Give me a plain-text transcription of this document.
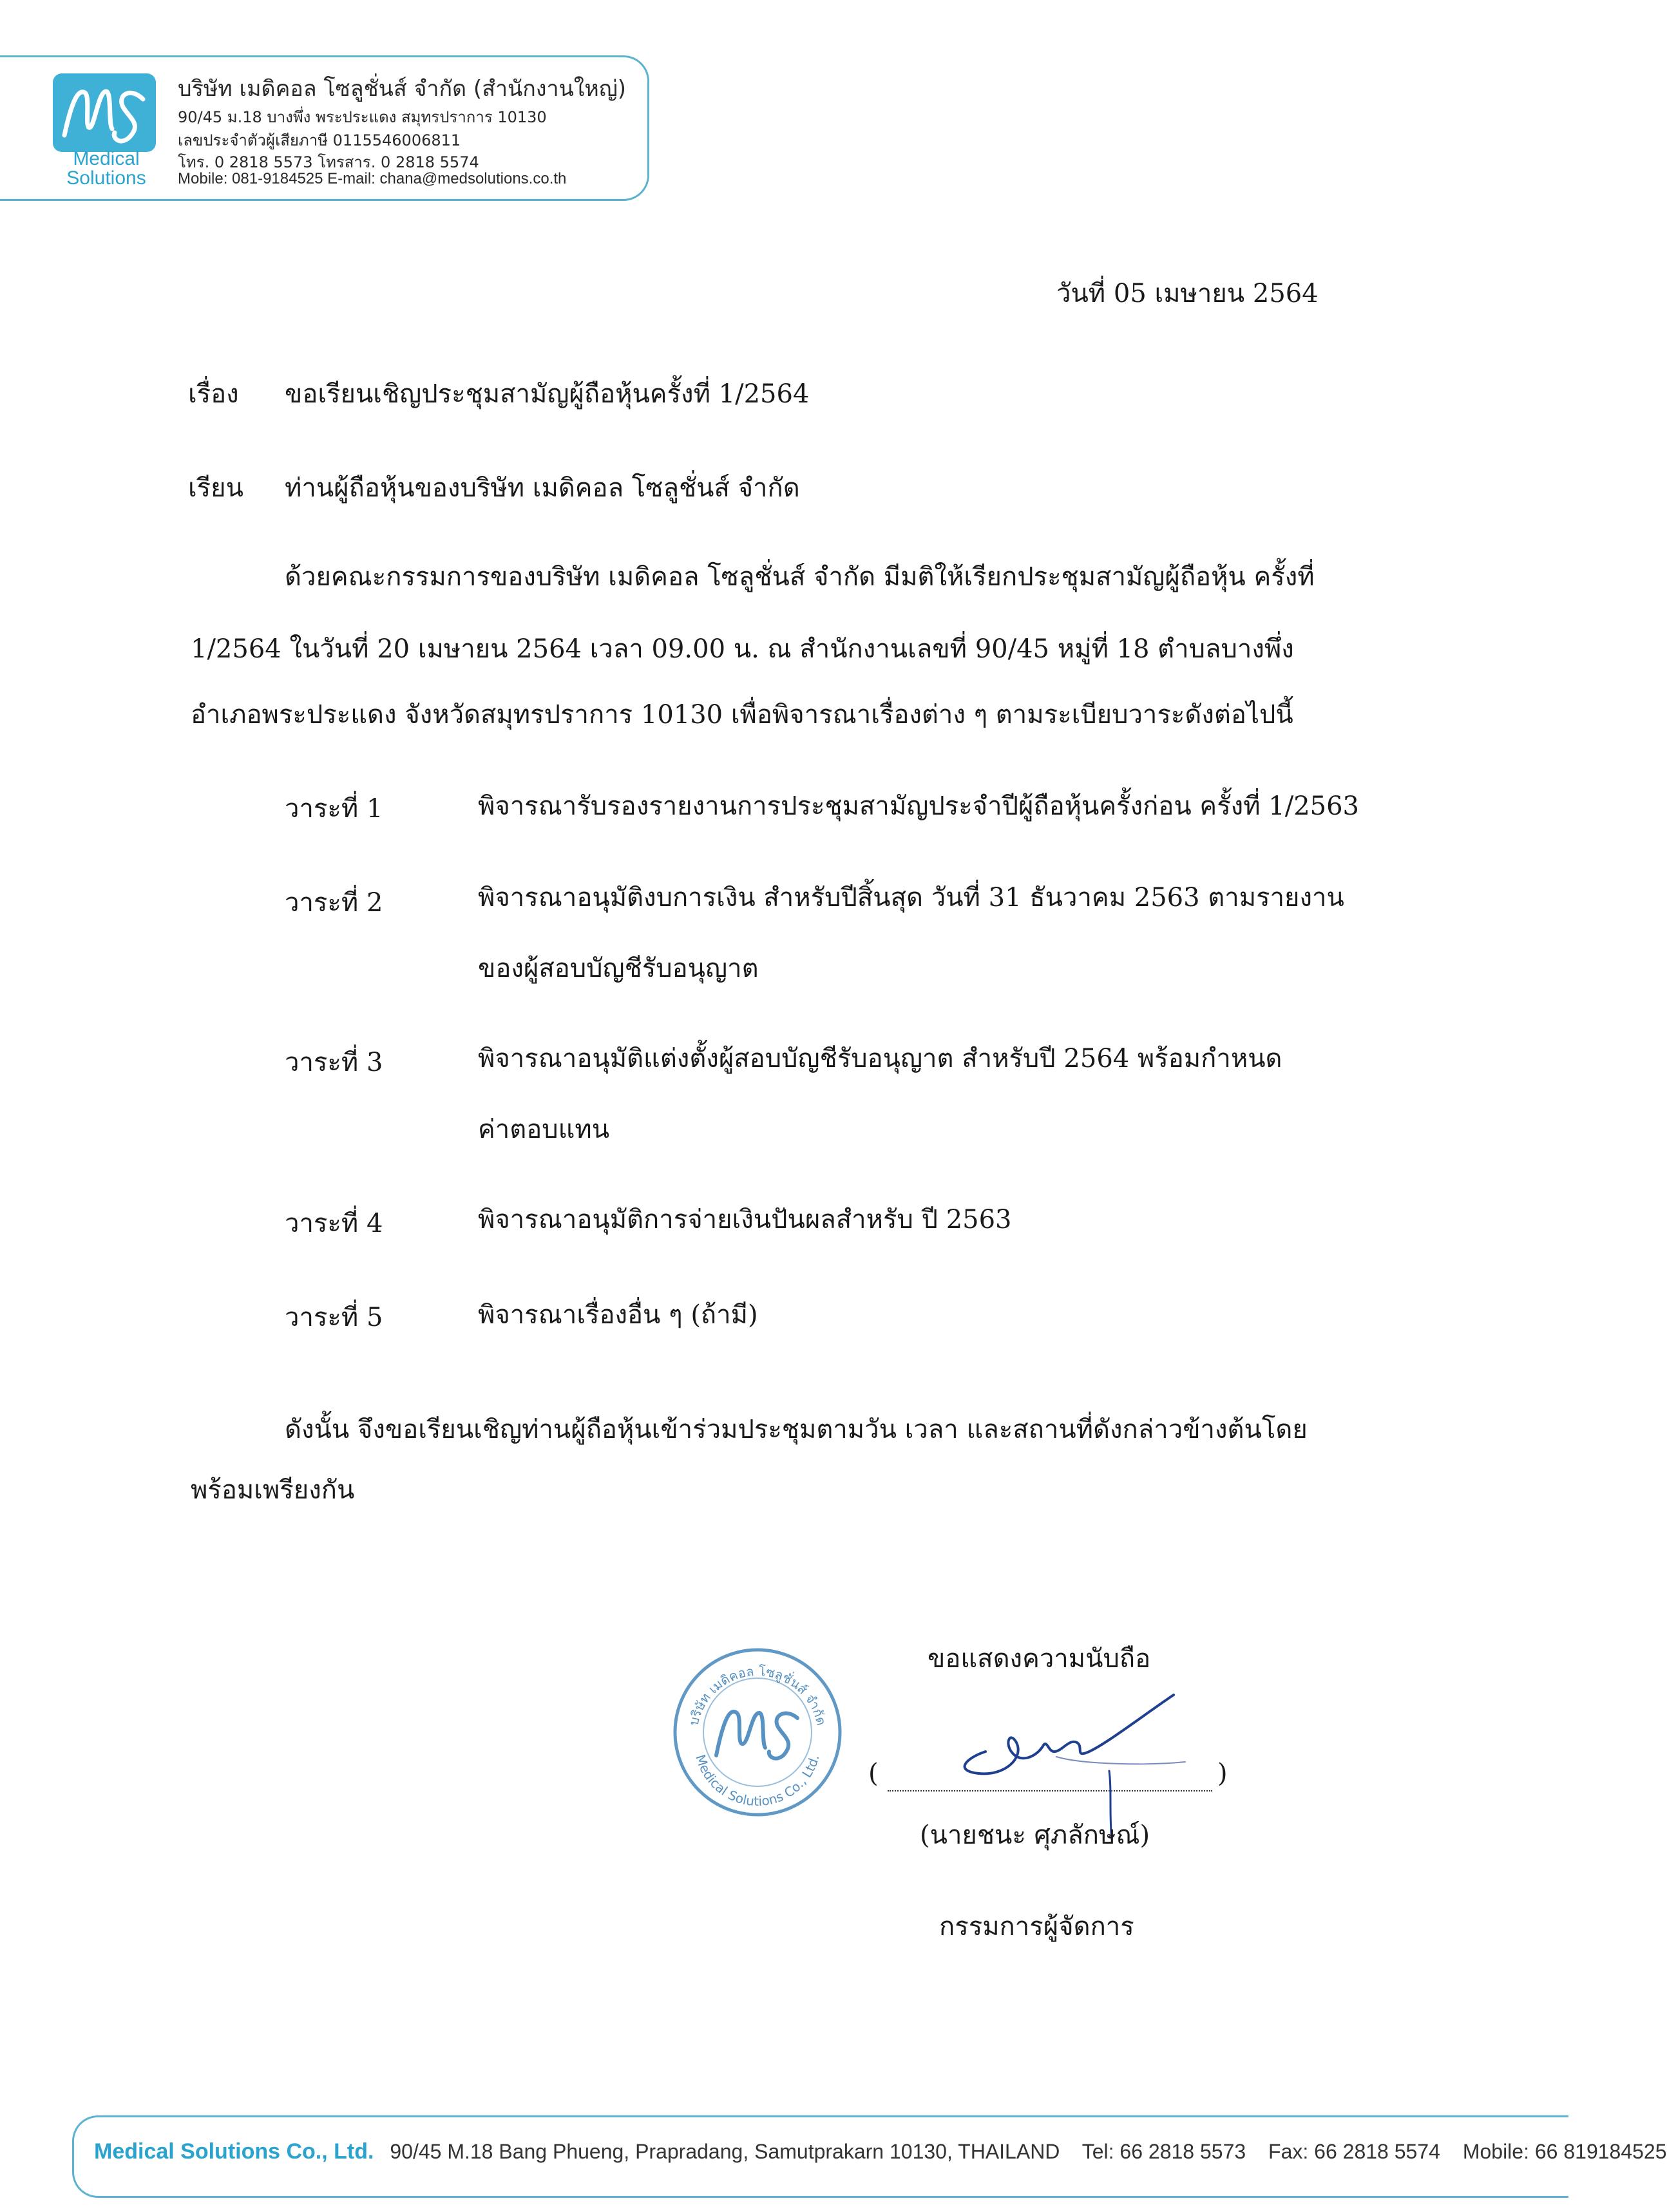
Medical
Solutions
บริษัท เมดิคอล โซลูชั่นส์ จำกัด (สำนักงานใหญ่)
90/45 ม.18 บางพึ่ง พระประแดง สมุทรปราการ 10130
เลขประจำตัวผู้เสียภาษี 0115546006811
โทร. 0 2818 5573 โทรสาร. 0 2818 5574
Mobile: 081-9184525 E-mail: chana@medsolutions.co.th
วันที่ 05 เมษายน 2564
เรื่อง ขอเรียนเชิญประชุมสามัญผู้ถือหุ้นครั้งที่ 1/2564
เรียน ท่านผู้ถือหุ้นของบริษัท เมดิคอล โซลูชั่นส์ จำกัด
ด้วยคณะกรรมการของบริษัท เมดิคอล โซลูชั่นส์ จำกัด มีมติให้เรียกประชุมสามัญผู้ถือหุ้น ครั้งที่
1/2564 ในวันที่ 20 เมษายน 2564 เวลา 09.00 น. ณ สำนักงานเลขที่ 90/45 หมู่ที่ 18 ตำบลบางพึ่ง
อำเภอพระประแดง จังหวัดสมุทรปราการ 10130 เพื่อพิจารณาเรื่องต่าง ๆ ตามระเบียบวาระดังต่อไปนี้
วาระที่ 1	พิจารณารับรองรายงานการประชุมสามัญประจำปีผู้ถือหุ้นครั้งก่อน ครั้งที่ 1/2563
วาระที่ 2	พิจารณาอนุมัติงบการเงิน สำหรับปีสิ้นสุด วันที่ 31 ธันวาคม 2563 ตามรายงาน
ของผู้สอบบัญชีรับอนุญาต
วาระที่ 3	พิจารณาอนุมัติแต่งตั้งผู้สอบบัญชีรับอนุญาต สำหรับปี 2564 พร้อมกำหนด
ค่าตอบแทน
วาระที่ 4	พิจารณาอนุมัติการจ่ายเงินปันผลสำหรับ ปี 2563
วาระที่ 5	พิจารณาเรื่องอื่น ๆ (ถ้ามี)
ดังนั้น จึงขอเรียนเชิญท่านผู้ถือหุ้นเข้าร่วมประชุมตามวัน เวลา และสถานที่ดังกล่าวข้างต้นโดย
พร้อมเพรียงกัน
ขอแสดงความนับถือ
บริษัท เมดิคอล โซลูชั่นส์ จำกัด
Medical Solutions Co., Ltd.
(	)
(นายชนะ ศุภลักษณ์)
กรรมการผู้จัดการ
Medical Solutions Co., Ltd. 90/45 M.18 Bang Phueng, Prapradang, Samutprakarn 10130, THAILAND Tel: 66 2818 5573 Fax: 66 2818 5574 Mobile: 66 819184525
